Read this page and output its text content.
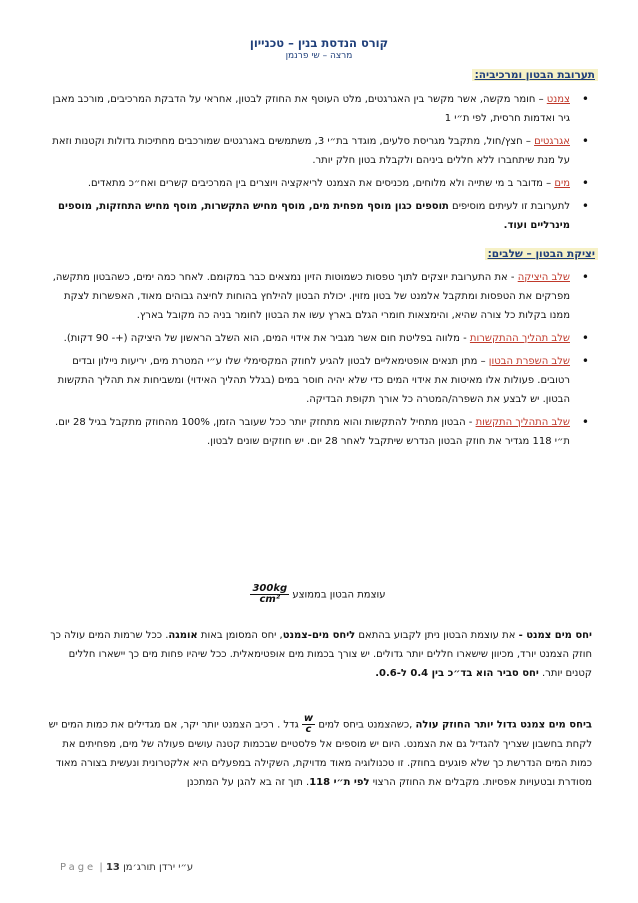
קורס הנדסת בנין – טכנייון
מרצה – שי פרנמן
תערובת הבטון ומרכיביה:
• צמנט – חומר מקשה, אשר מקשר בין האגרגטים, מלט העוטף את החוזק לבטון, אחראי על הדבקת המרכיבים, מורכב מאבן גיר ואדמות חרסית, לפי ת״י 1
• אגרגטים – חצץ/חול, מתקבל מגריסת סלעים, מוגדר בת״י 3, משתמשים באגרגטים שמורכבים מחתיכות גדולות וקטנות וזאת על מנת שיתחברו ללא חללים ביניהם ולקבלת בטון חלק יותר.
• מים – מדובר ב מי שתייה ולא מלוחים, מכניסים את הצמנט לריאקציה ויוצרים בין המרכיבים קשרים ואח״כ מתאדים.
• לתערובת זו לעיתים מוסיפים תוספים כגון מוסף מפחית מים, מוסף מחיש התקשרות, מוסף מחיש התחזקות, מוספים מינרליים ועוד.
יציקת הבטון – שלבים:
• שלב היציקה - את התערובת יוצקים לתוך טפסות כשמוטות הזיון נמצאים כבר במקומם. לאחר כמה ימים, כשהבטון מתקשה, מפרקים את הטפסות ומתקבל אלמנט של בטון מזוין. יכולת הבטון להילחץ בהוחות לחיצה גבוהים מאוד, האפשרות לצקת ממנו בקלות כל צורה שהיא, והימצאות חומרי הגלם בארץ עשו את הבטון לחומר בניה כה מקובל בארץ.
• שלב תהליך ההתקשרות - מלווה בפליטת חום אשר מגביר את אידוי המים, הוא השלב הראשון של היציקה (+- 90 דקות).
• שלב השפרת הבטון – מתן תנאים אופטימאליים לבטון להגיע לחוזק המקסימלי שלו ע״י המטרת מים, יריעות ניילון ובדים רטובים. פעולות אלו מאיטות את אידוי המים כדי שלא יהיה חוסר במים (בגלל תהליך האידוי) ומשביחות את תהליך התקשות הבטון. יש לבצע את השפרה/המטרה כל אורך תקופת הבדיקה.
• שלב התהליך התקשות - הבטון מתחיל להתקשות והוא מתחזק יותר ככל שעובר הזמן, 100% מהחוזק מתקבל בגיל 28 יום. ת״י 118 מגדיר את חוזק הבטון הנדרש שיתקבל לאחר 28 יום. יש חוזקים שונים לבטון.
עוצמת הבטון בממוצע
$\frac{300kg}{\text{cm²}}$

יחס מים צמנט - את עוצמת הבטון ניתן לקבוע בהתאם ליחס מים-צמנט, יחס המסומן באות אומגה. ככל שרמות המים עולה כך חוזק הצמנט יורד, מכיוון שישארו חללים יותר גדולים. יש צורך בכמות מים אופטימאלית. ככל שיהיו פחות מים כך יישארו חללים קטנים יותר. יחס סביר הוא בד״כ בין 0.4 ל-0.6.

ביחס מים צמנט גדול יותר החוזק עולה ,כשהצמנט ביחס למים
$\frac{w}{c}$
גדל . רכיב הצמנט יותר יקר, אם מגדילים את כמות המים יש לקחת בחשבון שצריך להגדיל גם את הצמנט. היום יש מוספים אל פלסטיים שבכמות קטנה עושים פעולה של מים, מפחיתים את כמות המים הנדרשת כך שלא פוגעים בחוזק. זו טכנולוגיה מאוד מדויקת, השקילה במפעלים היא אלקטרונית ונעשית בצורה מאוד מסודרת ובטעויות אפסיות. מקבלים את החוזק הרצוי לפי ת״י 118. תוך זה בא להגן על המתכנן

Page | 13 ע״י ירדן תורג׳מן
